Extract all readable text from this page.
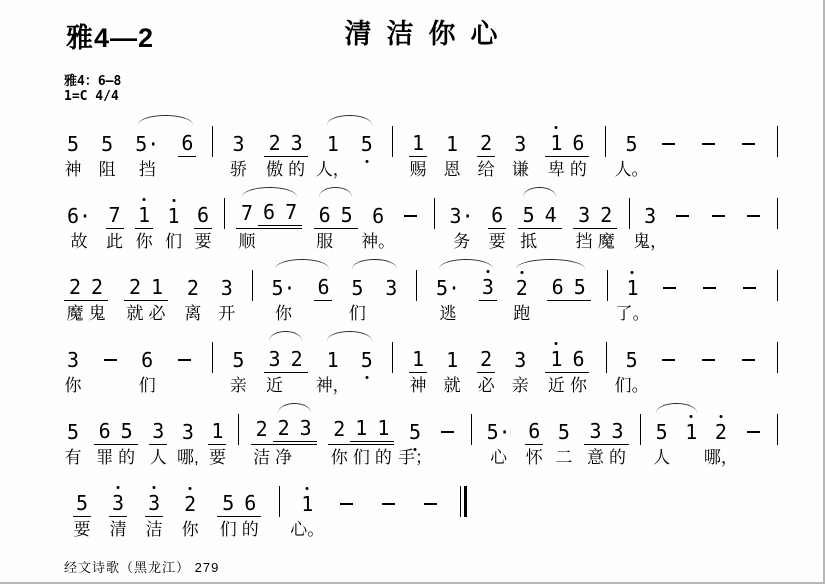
雅4—2	清洁你心
雅4：6—8
1=C 4/4
5 5 5· 6 3 2 3 1 5 1 1 2 3 1 6 5
神 阻 挡	骄 傲 的 人，	赐 恩 给 谦 卑 的 人。
6· 7 1 1 6 7 6 7 6 5 6	3· 6 5 4 3 2 3
故 此 你 们 要 顺	服 神。	务 要 抵 挡 魔 鬼，
2 2 2 1 2 3 5· 6 5 3 5· 3 2 6 5 1
魔 鬼 就 必 离 开 你	们	逃	跑	了。
3	6	5 3 2 1 5 1 1 2 3 1 6 5
你	们	亲 近 神，	神 就 必 亲 近 你 们。
5 6 5 3 3 1 2 2 3 2 1 1 5	5· 6 5 3 3 5 1 2
有 罪 的 人 哪, 要 洁 净 你 们 的 手；	心 怀 二 意 的 人 哪，
5 3 3 2 5 6 1
要 清 洁 你 们 的 心。
经文诗歌（黑龙江） 279
